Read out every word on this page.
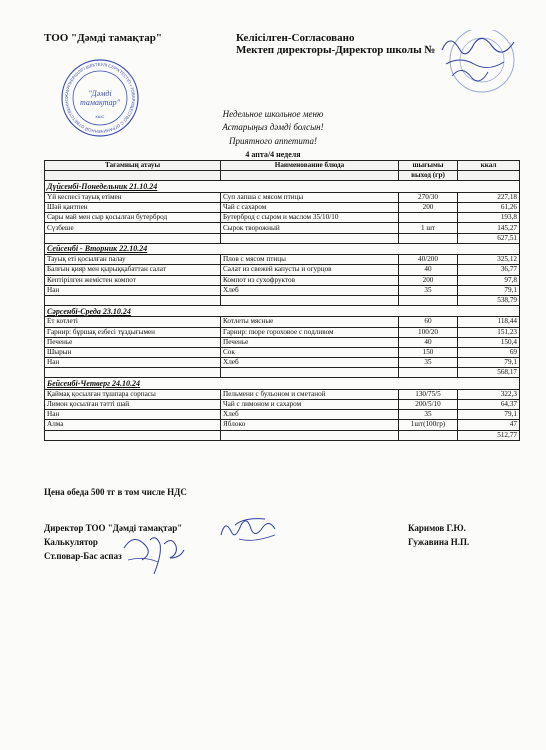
ТОО "Дәмді тамақтар"	Келісілген-Согласовано
Мектеп директоры-Директор школы №
ЖАУАПКЕРШІЛІГІ ШЕКТЕУЛІ СЕРІКТЕСТІГІ • ТОВАРИЩЕСТВО С ОГРАНИЧЕННОЙ ОТВЕТСТВЕННО
"Дәмді
тамақтар"
КШС	Недельное школьное меню
Астарыңыз дәмді болсын!
Приятного аппетита!
4 апта/4 неделя
Тағамның атауы	Наименование блюда	шығымы	ккал
		выход (гр)	
Дүйсенбі-Понедельник 21.10.24			
Үй кеспесі тауық етімен	Суп лапша с мясом птицы	270/30	227,18
Шәй қантпен	Чай с сахаром	200	61,26
Сары май мен сыр қосылған бутерброд	Бутерброд с сыром и маслом 35/10/10		193,8
Сүзбеше	Сырок творожный	1 шт	145,27
			627,51
Сейсенбі - Вторник 22.10.24			
Тауық еті қосылған палау	Плов с мясом птицы	40/200	325,12
Балғын қияр мен қырыққабаттан салат	Салат из свежей капусты и огурцов	40	36,77
Кептірілген жемістен компот	Компот из сухофруктов	200	97,8
Нан	Хлеб	35	79,1
			538,79
Сәрсенбі-Среда 23.10.24			
Ет котлеті	Котлеты мясные	60	118,44
Гарнир: бұршақ езбесі тұздығымен	Гарнир: пюре гороховое с подливом	100/20	151,23
Печенье	Печенье	40	150,4
Шырын	Сок	150	69
Нан	Хлеб	35	79,1
			568,17
Бейсенбі-Четверг 24.10.24			
Қаймақ қосылған тұшпара сорпасы	Пельмени с бульоном и сметаной	130/75/5	322,3
Лимон қосылған тәтті шай	Чай с лимоном и сахаром	200/5/10	64,37
Нан	Хлеб	35	79,1
Алма	Яблоко	1шт(100гр)	47
			512,77
Цена обеда 500 тг в том числе НДС
Директор ТОО "Дәмді тамақтар"	Каримов Г.Ю.
Калькулятор	Гужавина Н.П.
Ст.повар-Бас аспаз
